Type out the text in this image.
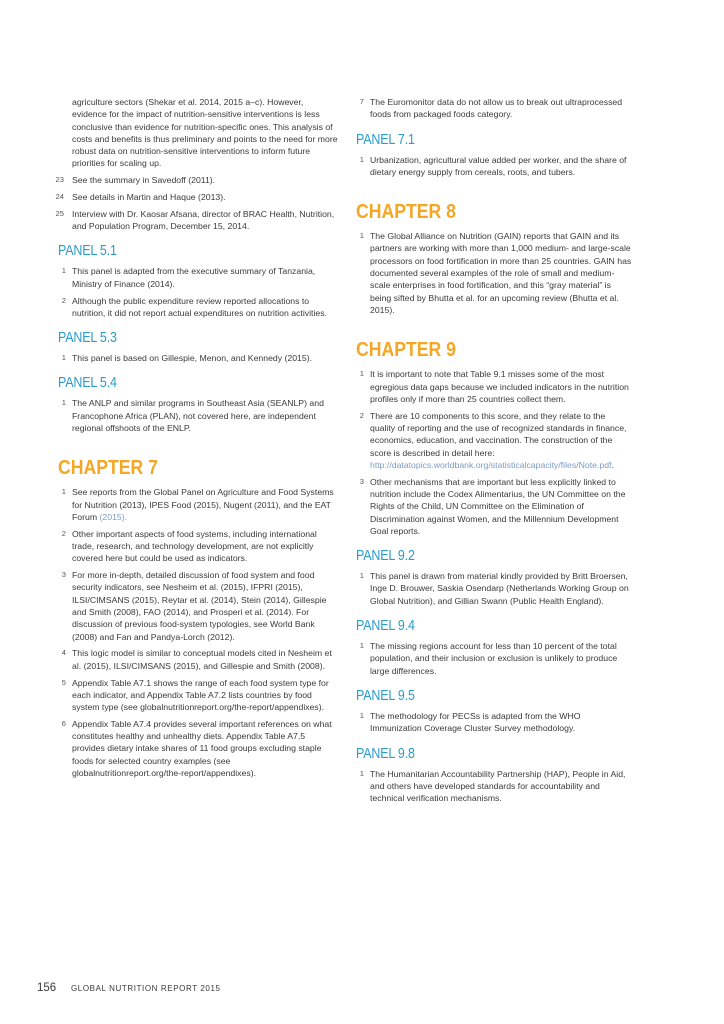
agriculture sectors (Shekar et al. 2014, 2015 a–c). However, evidence for the impact of nutrition-sensitive interventions is less conclusive than evidence for nutrition-specific ones. This analysis of costs and benefits is thus preliminary and points to the need for more robust data on nutrition-sensitive interventions to inform future priorities for scaling up.

23 See the summary in Savedoff (2011).
24 See details in Martin and Haque (2013).
25 Interview with Dr. Kaosar Afsana, director of BRAC Health, Nutrition, and Population Program, December 15, 2014.
PANEL 5.1
1 This panel is adapted from the executive summary of Tanzania, Ministry of Finance (2014).
2 Although the public expenditure review reported allocations to nutrition, it did not report actual expenditures on nutrition activities.
PANEL 5.3
1 This panel is based on Gillespie, Menon, and Kennedy (2015).
PANEL 5.4
1 The ANLP and similar programs in Southeast Asia (SEANLP) and Francophone Africa (PLAN), not covered here, are independent regional offshoots of the ENLP.
CHAPTER 7
1 See reports from the Global Panel on Agriculture and Food Systems for Nutrition (2013), IPES Food (2015), Nugent (2011), and the EAT Forum (2015).
2 Other important aspects of food systems, including international trade, research, and technology development, are not explicitly covered here but could be used as indicators.
3 For more in-depth, detailed discussion of food system and food security indicators, see Nesheim et al. (2015), IFPRI (2015), ILSI/CIMSANS (2015), Reytar et al. (2014), Stein (2014), Gillespie and Smith (2008), FAO (2014), and Prosperi et al. (2014). For discussion of previous food-system typologies, see World Bank (2008) and Fan and Pandya-Lorch (2012).
4 This logic model is similar to conceptual models cited in Nesheim et al. (2015), ILSI/CIMSANS (2015), and Gillespie and Smith (2008).
5 Appendix Table A7.1 shows the range of each food system type for each indicator, and Appendix Table A7.2 lists countries by food system type (see globalnutritionreport.org/the-report/appendixes).
6 Appendix Table A7.4 provides several important references on what constitutes healthy and unhealthy diets. Appendix Table A7.5 provides dietary intake shares of 11 food groups excluding staple foods for selected country examples (see globalnutritionreport.org/the-report/appendixes).
7 The Euromonitor data do not allow us to break out ultraprocessed foods from packaged foods category.
PANEL 7.1
1 Urbanization, agricultural value added per worker, and the share of dietary energy supply from cereals, roots, and tubers.
CHAPTER 8
1 The Global Alliance on Nutrition (GAIN) reports that GAIN and its partners are working with more than 1,000 medium- and large-scale processors on food fortification in more than 25 countries. GAIN has documented several examples of the role of small and medium-scale enterprises in food fortification, and this “gray material” is being sifted by Bhutta et al. for an upcoming review (Bhutta et al. 2015).
CHAPTER 9
1 It is important to note that Table 9.1 misses some of the most egregious data gaps because we included indicators in the nutrition profiles only if more than 25 countries collect them.
2 There are 10 components to this score, and they relate to the quality of reporting and the use of recognized standards in finance, economics, education, and vaccination. The construction of the score is described in detail here: http://datatopics.worldbank.org/statisticalcapacity/files/Note.pdf.
3 Other mechanisms that are important but less explicitly linked to nutrition include the Codex Alimentarius, the UN Committee on the Rights of the Child, UN Committee on the Elimination of Discrimination against Women, and the Millennium Development Goal reports.
PANEL 9.2
1 This panel is drawn from material kindly provided by Britt Broersen, Inge D. Brouwer, Saskia Osendarp (Netherlands Working Group on Global Nutrition), and Gillian Swann (Public Health England).
PANEL 9.4
1 The missing regions account for less than 10 percent of the total population, and their inclusion or exclusion is unlikely to produce large differences.
PANEL 9.5
1 The methodology for PECSs is adapted from the WHO Immunization Coverage Cluster Survey methodology.
PANEL 9.8
1 The Humanitarian Accountability Partnership (HAP), People in Aid, and others have developed standards for accountability and technical verification mechanisms.
156 GLOBAL NUTRITION REPORT 2015
